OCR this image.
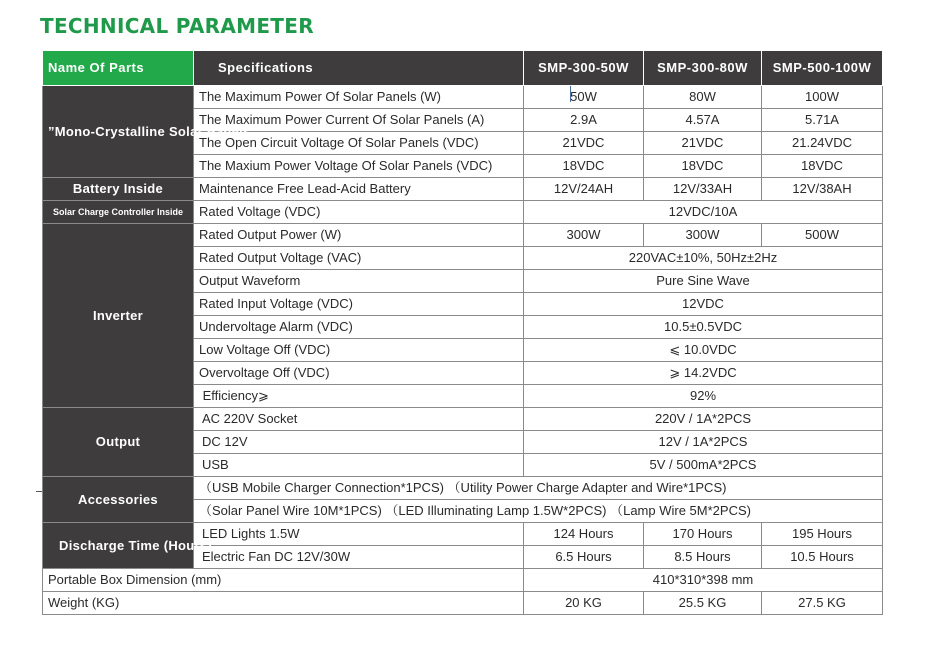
TECHNICAL PARAMETER
Name Of Parts	Specifications	SMP-300-50W	SMP-300-80W	SMP-500-100W
”Mono-Crystalline Solar Panels”	The Maximum Power Of Solar Panels (W)	50W	80W	100W
	The Maximum Power Current Of Solar Panels (A)	2.9A	4.57A	5.71A
	The Open Circuit Voltage Of Solar Panels (VDC)	21VDC	21VDC	21.24VDC
	The Maxium Power Voltage Of Solar Panels (VDC)	18VDC	18VDC	18VDC
Battery Inside	Maintenance Free Lead-Acid Battery	12V/24AH	12V/33AH	12V/38AH
Solar Charge Controller Inside	Rated Voltage (VDC)	12VDC/10A		
Inverter	Rated Output Power (W)	300W	300W	500W
	Rated Output Voltage (VAC)	220VAC±10%, 50Hz±2Hz		
	Output Waveform	Pure Sine Wave		
	Rated Input Voltage (VDC)	12VDC		
	Undervoltage Alarm (VDC)	10.5±0.5VDC		
	Low Voltage Off (VDC)	⩽ 10.0VDC		
	Overvoltage Off (VDC)	⩾ 14.2VDC		
	Efficiency⩾	92%		
Output	AC 220V Socket	220V / 1A*2PCS		
	DC 12V	12V / 1A*2PCS		
	USB	5V / 500mA*2PCS		
Accessories	（USB Mobile Charger Connection*1PCS) （Utility Power Charge Adapter and Wire*1PCS)			
	（Solar Panel Wire 10M*1PCS) （LED Illuminating Lamp 1.5W*2PCS) （Lamp Wire 5M*2PCS)			
Discharge Time (Hours)	LED Lights 1.5W	124 Hours	170 Hours	195 Hours
	Electric Fan DC 12V/30W	6.5 Hours	8.5 Hours	10.5 Hours
Portable Box Dimension (mm)		410*310*398 mm		
Weight (KG)		20 KG	25.5 KG	27.5 KG
